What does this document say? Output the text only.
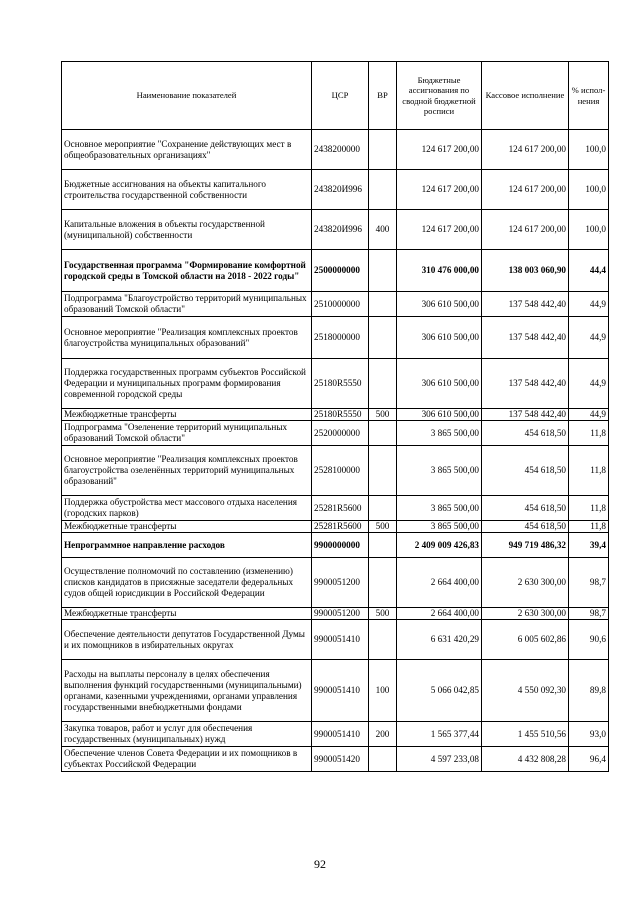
Наименование показателей	ЦСР	ВР	Бюджетные ассигнования по сводной бюджетной росписи	Кассовое исполнение	% испол-нения
Основное мероприятие "Сохранение действующих мест в общеобразовательных организациях"	2438200000		124 617 200,00	124 617 200,00	100,0
Бюджетные ассигнования на объекты капитального строительства государственной собственности	243820И996		124 617 200,00	124 617 200,00	100,0
Капитальные вложения в объекты государственной (муниципальной) собственности	243820И996	400	124 617 200,00	124 617 200,00	100,0
Государственная программа "Формирование комфортной городской среды в Томской области на 2018 - 2022 годы"	2500000000		310 476 000,00	138 003 060,90	44,4
Подпрограмма "Благоустройство территорий муниципальных образований Томской области"	2510000000		306 610 500,00	137 548 442,40	44,9
Основное мероприятие "Реализация комплексных проектов благоустройства муниципальных образований"	2518000000		306 610 500,00	137 548 442,40	44,9
Поддержка государственных программ субъектов Российской Федерации и муниципальных программ формирования современной городской среды	25180R5550		306 610 500,00	137 548 442,40	44,9
Межбюджетные трансферты	25180R5550	500	306 610 500,00	137 548 442,40	44,9
Подпрограмма "Озеленение территорий муниципальных образований Томской области"	2520000000		3 865 500,00	454 618,50	11,8
Основное мероприятие "Реализация комплексных проектов благоустройства озеленённых территорий муниципальных образований"	2528100000		3 865 500,00	454 618,50	11,8
Поддержка обустройства мест массового отдыха населения (городских парков)	25281R5600		3 865 500,00	454 618,50	11,8
Межбюджетные трансферты	25281R5600	500	3 865 500,00	454 618,50	11,8
Непрограммное направление расходов	9900000000		2 409 009 426,83	949 719 486,32	39,4
Осуществление полномочий по составлению (изменению) списков кандидатов в присяжные заседатели федеральных судов общей юрисдикции в Российской Федерации	9900051200		2 664 400,00	2 630 300,00	98,7
Межбюджетные трансферты	9900051200	500	2 664 400,00	2 630 300,00	98,7
Обеспечение деятельности депутатов Государственной Думы и их помощников в избирательных округах	9900051410		6 631 420,29	6 005 602,86	90,6
Расходы на выплаты персоналу в целях обеспечения выполнения функций государственными (муниципальными) органами, казенными учреждениями, органами управления государственными внебюджетными фондами	9900051410	100	5 066 042,85	4 550 092,30	89,8
Закупка товаров, работ и услуг для обеспечения государственных (муниципальных) нужд	9900051410	200	1 565 377,44	1 455 510,56	93,0
Обеспечение членов Совета Федерации и их помощников в субъектах Российской Федерации	9900051420		4 597 233,08	4 432 808,28	96,4
92
